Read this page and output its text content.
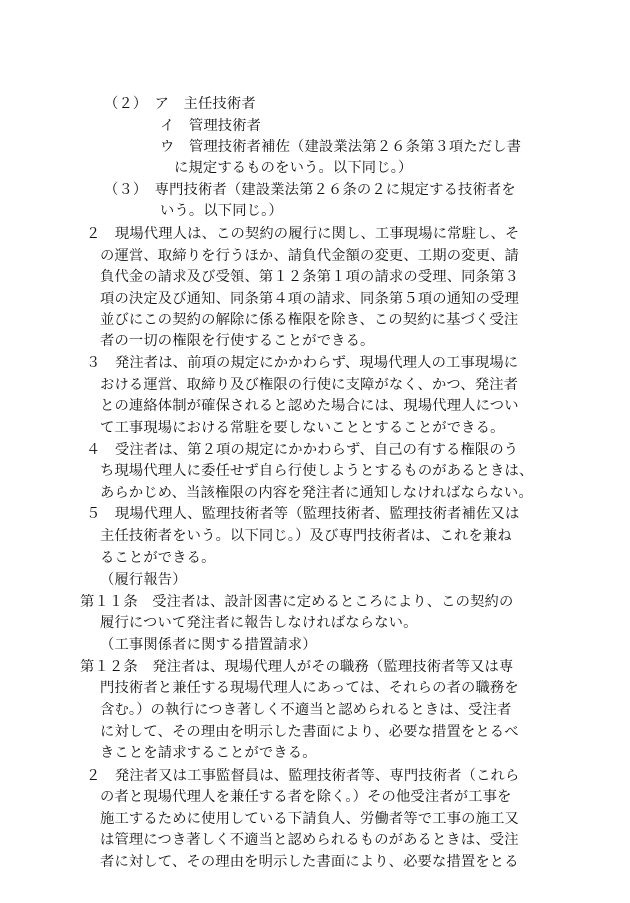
（２）　ア　主任技術者
イ　管理技術者
ウ　管理技術者補佐（建設業法第２６条第３項ただし書
に規定するものをいう。以下同じ。）
（３）　専門技術者（建設業法第２６条の２に規定する技術者を
いう。以下同じ。）
２　現場代理人は、この契約の履行に関し、工事現場に常駐し、そ
の運営、取締りを行うほか、請負代金額の変更、工期の変更、請
負代金の請求及び受領、第１２条第１項の請求の受理、同条第３
項の決定及び通知、同条第４項の請求、同条第５項の通知の受理
並びにこの契約の解除に係る権限を除き、この契約に基づく受注
者の一切の権限を行使することができる。
３　発注者は、前項の規定にかかわらず、現場代理人の工事現場に
おける運営、取締り及び権限の行使に支障がなく、かつ、発注者
との連絡体制が確保されると認めた場合には、現場代理人につい
て工事現場における常駐を要しないこととすることができる。
４　受注者は、第２項の規定にかかわらず、自己の有する権限のう
ち現場代理人に委任せず自ら行使しようとするものがあるときは、
あらかじめ、当該権限の内容を発注者に通知しなければならない。
５　現場代理人、監理技術者等（監理技術者、監理技術者補佐又は
主任技術者をいう。以下同じ。）及び専門技術者は、これを兼ね
ることができる。
（履行報告）
第１１条　受注者は、設計図書に定めるところにより、この契約の
履行について発注者に報告しなければならない。
（工事関係者に関する措置請求）
第１２条　発注者は、現場代理人がその職務（監理技術者等又は専
門技術者と兼任する現場代理人にあっては、それらの者の職務を
含む。）の執行につき著しく不適当と認められるときは、受注者
に対して、その理由を明示した書面により、必要な措置をとるべ
きことを請求することができる。
２　発注者又は工事監督員は、監理技術者等、専門技術者（これら
の者と現場代理人を兼任する者を除く。）その他受注者が工事を
施工するために使用している下請負人、労働者等で工事の施工又
は管理につき著しく不適当と認められるものがあるときは、受注
者に対して、その理由を明示した書面により、必要な措置をとる
